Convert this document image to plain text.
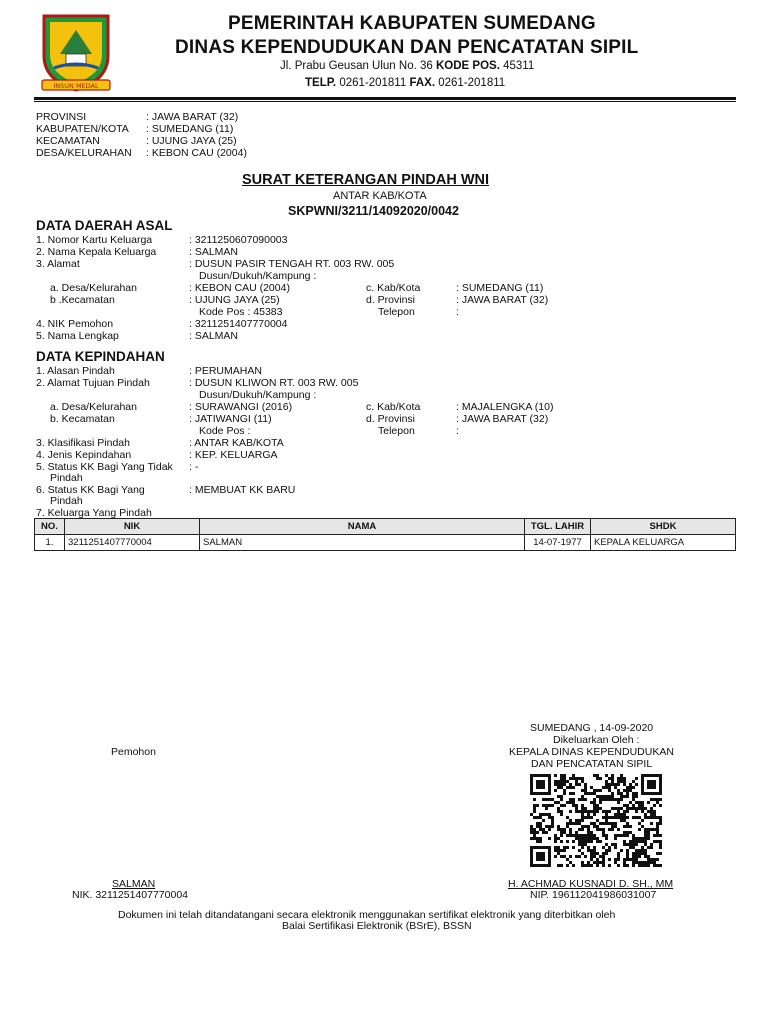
INSUN MEDAL
PEMERINTAH KABUPATEN SUMEDANG
DINAS KEPENDUDUKAN DAN PENCATATAN SIPIL
Jl. Prabu Geusan Ulun No. 36 KODE POS. 45311
TELP. 0261-201811 FAX. 0261-201811
PROVINSI	: JAWA BARAT (32)
KABUPATEN/KOTA : SUMEDANG (11)
KECAMATAN	: UJUNG JAYA (25)
DESA/KELURAHAN : KEBON CAU (2004)
SURAT KETERANGAN PINDAH WNI
ANTAR KAB/KOTA
SKPWNI/3211/14092020/0042
DATA DAERAH ASAL
1. Nomor Kartu Keluarga	: 3211250607090003
2. Nama Kepala Keluarga	: SALMAN
3. Alamat	: DUSUN PASIR TENGAH RT. 003 RW. 005
Dusun/Dukuh/Kampung :
a. Desa/Kelurahan	: KEBON CAU (2004)	c. Kab/Kota	: SUMEDANG (11)
b .Kecamatan	: UJUNG JAYA (25)	d. Provinsi	: JAWA BARAT (32)
Kode Pos : 45383	Telepon	:
4. NIK Pemohon	: 3211251407770004
5. Nama Lengkap	: SALMAN
DATA KEPINDAHAN
1. Alasan Pindah	: PERUMAHAN
2. Alamat Tujuan Pindah	: DUSUN KLIWON RT. 003 RW. 005
Dusun/Dukuh/Kampung :
a. Desa/Kelurahan	: SURAWANGI (2016)	c. Kab/Kota	: MAJALENGKA (10)
b. Kecamatan	: JATIWANGI (11)	d. Provinsi	: JAWA BARAT (32)
Kode Pos :	Telepon	:
3. Klasifikasi Pindah	: ANTAR KAB/KOTA
4. Jenis Kepindahan	: KEP. KELUARGA
5. Status KK Bagi Yang Tidak : -
Pindah
6. Status KK Bagi Yang	: MEMBUAT KK BARU
Pindah
7. Keluarga Yang Pindah
NO.	NIK	NAMA	TGL. LAHIR	SHDK
1.	3211251407770004	SALMAN	14-07-1977	KEPALA KELUARGA
SUMEDANG , 14-09-2020
Dikeluarkan Oleh :
KEPALA DINAS KEPENDUDUKAN
DAN PENCATATAN SIPIL
Pemohon
SALMAN
NIK. 3211251407770004
H. ACHMAD KUSNADI D. SH., MM
NIP. 196112041986031007
Dokumen ini telah ditandatangani secara elektronik menggunakan sertifikat elektronik yang diterbitkan oleh
Balai Sertifikasi Elektronik (BSrE), BSSN
